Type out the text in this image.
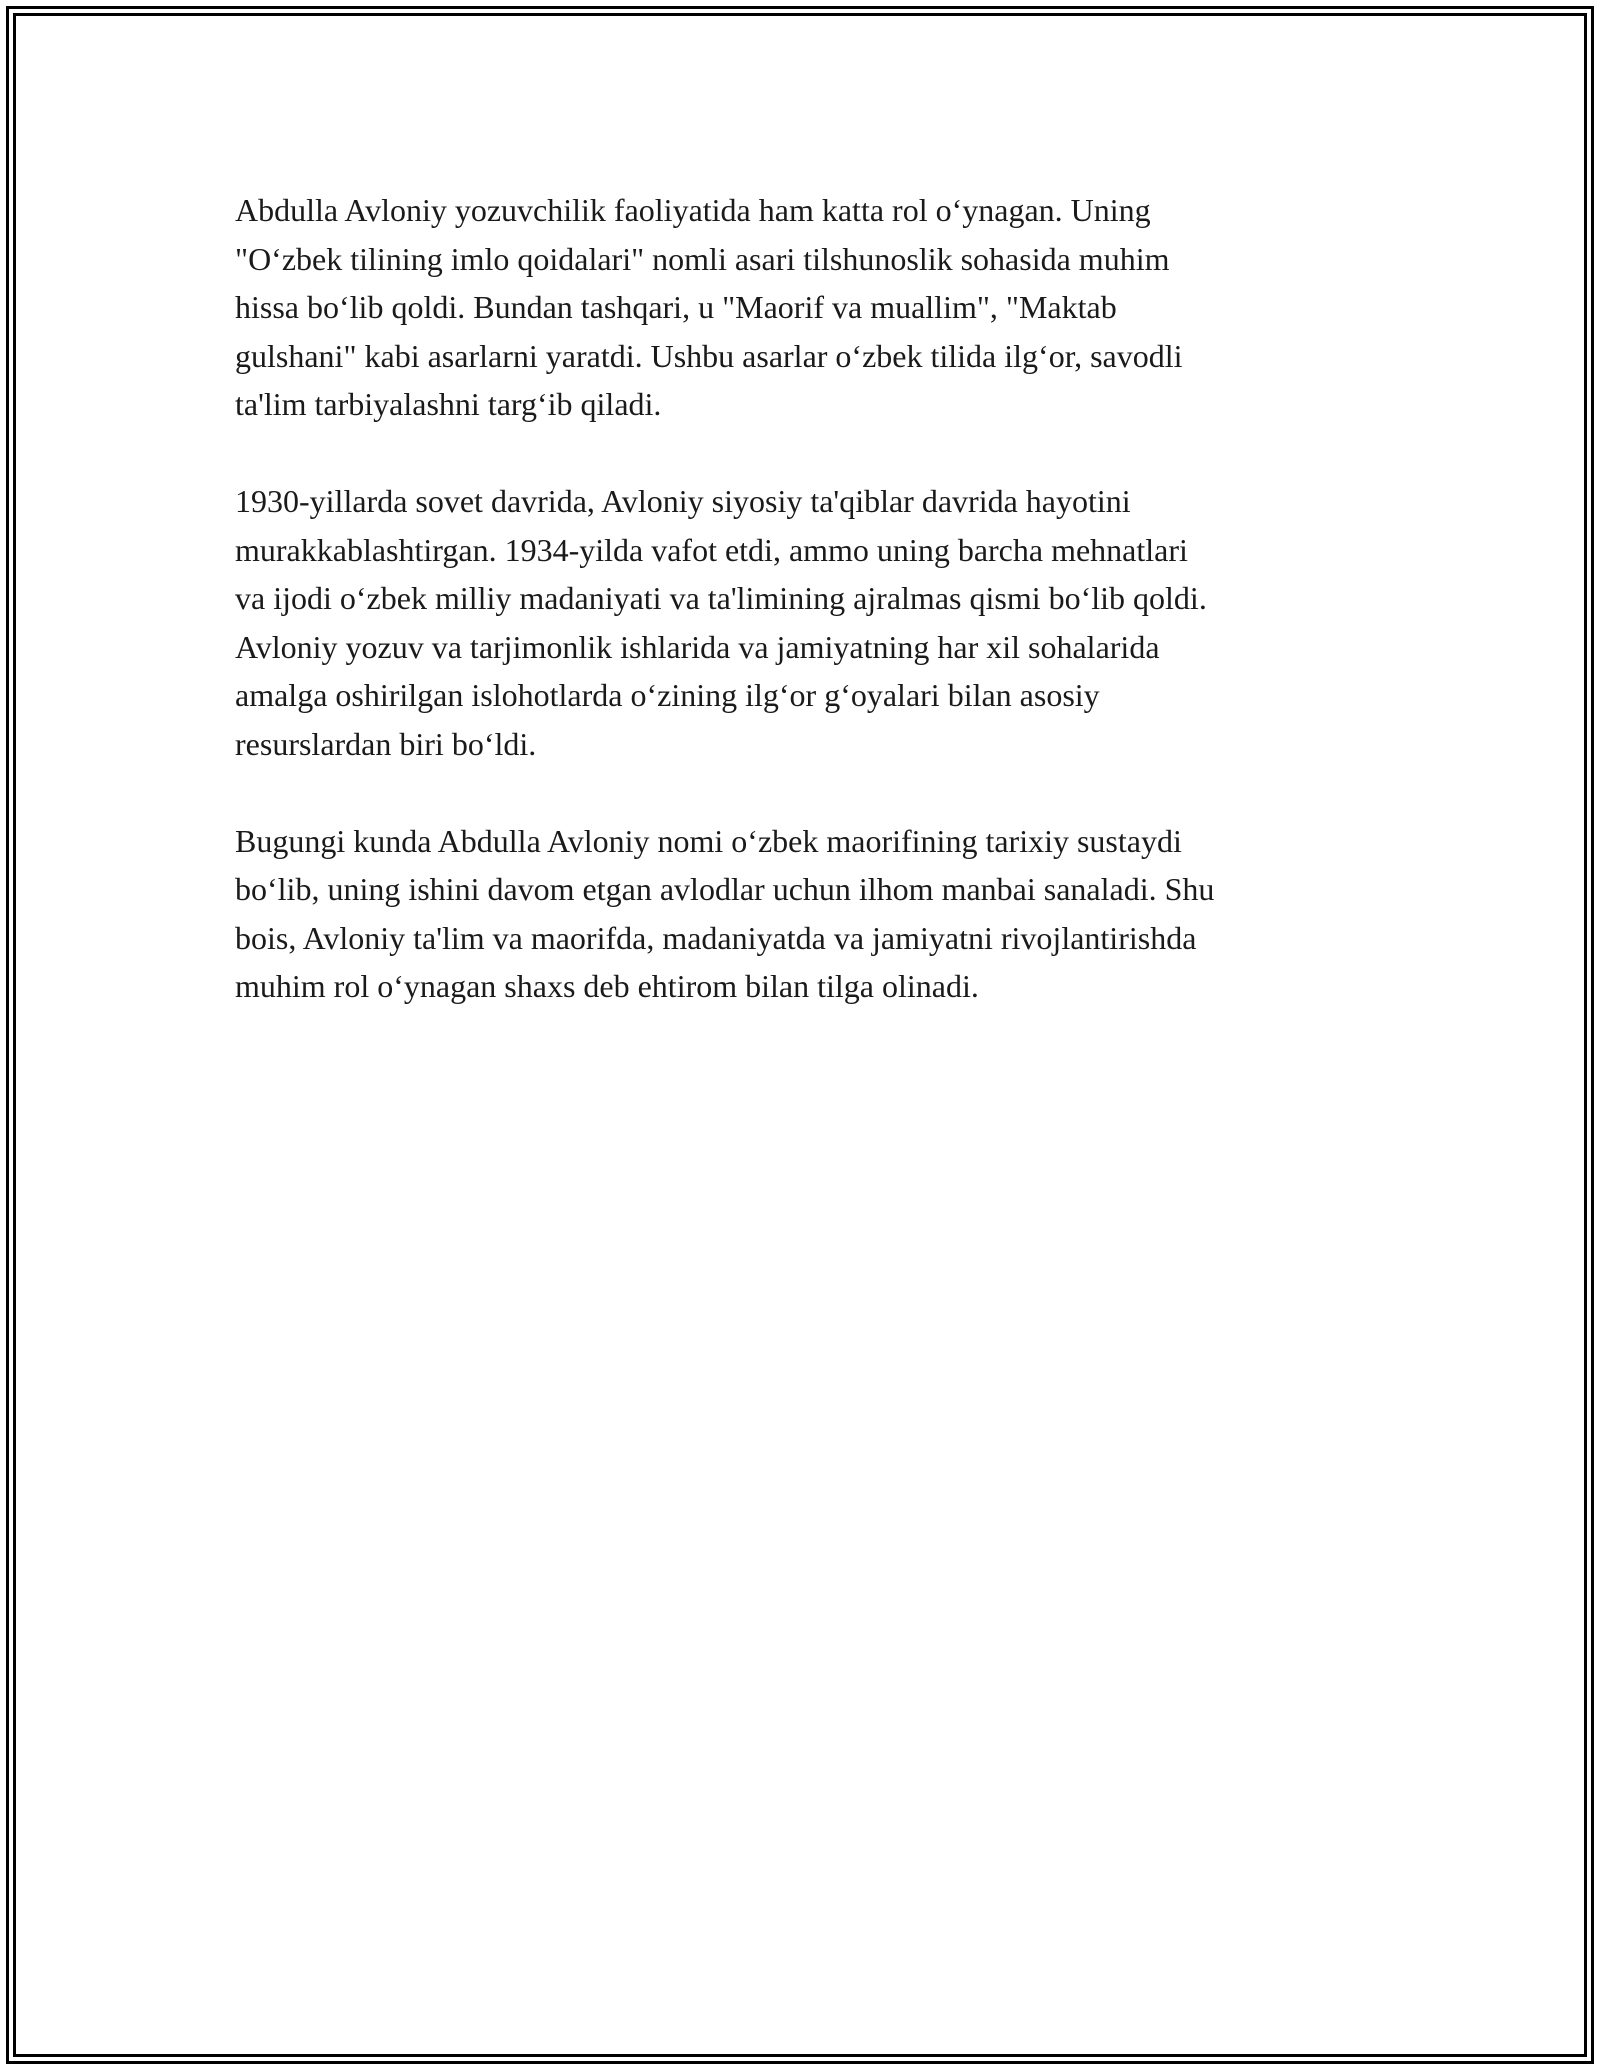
Abdulla Avloniy yozuvchilik faoliyatida ham katta rol o‘ynagan. Uning
"O‘zbek tilining imlo qoidalari" nomli asari tilshunoslik sohasida muhim
hissa bo‘lib qoldi. Bundan tashqari, u "Maorif va muallim", "Maktab
gulshani" kabi asarlarni yaratdi. Ushbu asarlar o‘zbek tilida ilg‘or, savodli
ta'lim tarbiyalashni targ‘ib qiladi.

1930-yillarda sovet davrida, Avloniy siyosiy ta'qiblar davrida hayotini
murakkablashtirgan. 1934-yilda vafot etdi, ammo uning barcha mehnatlari
va ijodi o‘zbek milliy madaniyati va ta'limining ajralmas qismi bo‘lib qoldi.
Avloniy yozuv va tarjimonlik ishlarida va jamiyatning har xil sohalarida
amalga oshirilgan islohotlarda o‘zining ilg‘or g‘oyalari bilan asosiy
resurslardan biri bo‘ldi.

Bugungi kunda Abdulla Avloniy nomi o‘zbek maorifining tarixiy sustaydi
bo‘lib, uning ishini davom etgan avlodlar uchun ilhom manbai sanaladi. Shu
bois, Avloniy ta'lim va maorifda, madaniyatda va jamiyatni rivojlantirishda
muhim rol o‘ynagan shaxs deb ehtirom bilan tilga olinadi.
